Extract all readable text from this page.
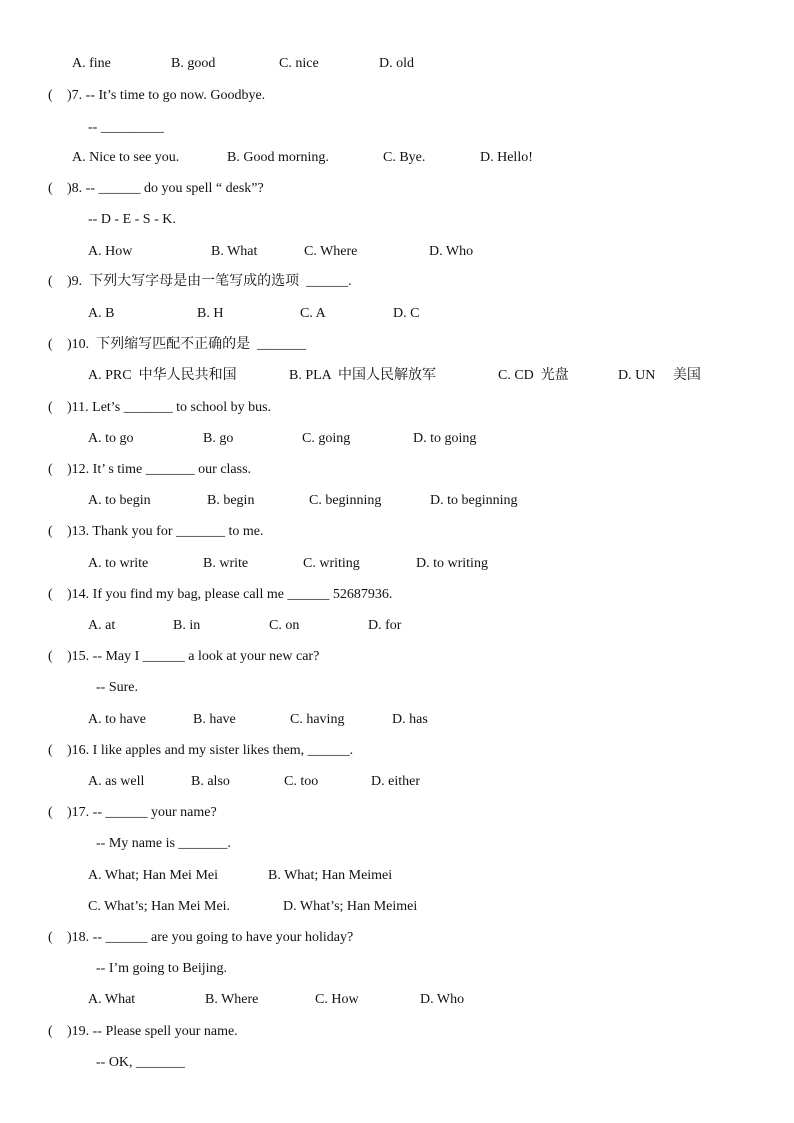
A. fine	B. good	C. nice	D. old
( )7. -- It’s time to go now. Goodbye.
-- _________
A. Nice to see you.	B. Good morning.	C. Bye.	D. Hello!
( )8. -- ______ do you spell “ desk”?
-- D - E - S - K.
A. How	B. What	C. Where	D. Who
( )9.  下列大写字母是由一笔写成的选项  ______.
A. B	B. H	C. A	D. C
( )10.  下列缩写匹配不正确的是  _______
A. PRC  中华人民共和国	B. PLA  中国人民解放军	C. CD  光盘	D. UN     美国
( )11. Let’s _______ to school by bus.
A. to go	B. go	C. going	D. to going
( )12. It’ s time _______ our class.
A. to begin	B. begin	C. beginning	D. to beginning
( )13. Thank you for _______ to me.
A. to write	B. write	C. writing	D. to writing
( )14. If you find my bag, please call me ______ 52687936.
A. at	B. in	C. on	D. for
( )15. -- May I ______ a look at your new car?
-- Sure.
A. to have	B. have	C. having	D. has
( )16. I like apples and my sister likes them, ______.
A. as well	B. also	C. too	D. either
( )17. -- ______ your name?
-- My name is _______.
A. What; Han Mei Mei	B. What; Han Meimei
C. What’s; Han Mei Mei.	D. What’s; Han Meimei
( )18. -- ______ are you going to have your holiday?
-- I’m going to Beijing.
A. What	B. Where	C. How	D. Who
( )19. -- Please spell your name.
-- OK, _______
